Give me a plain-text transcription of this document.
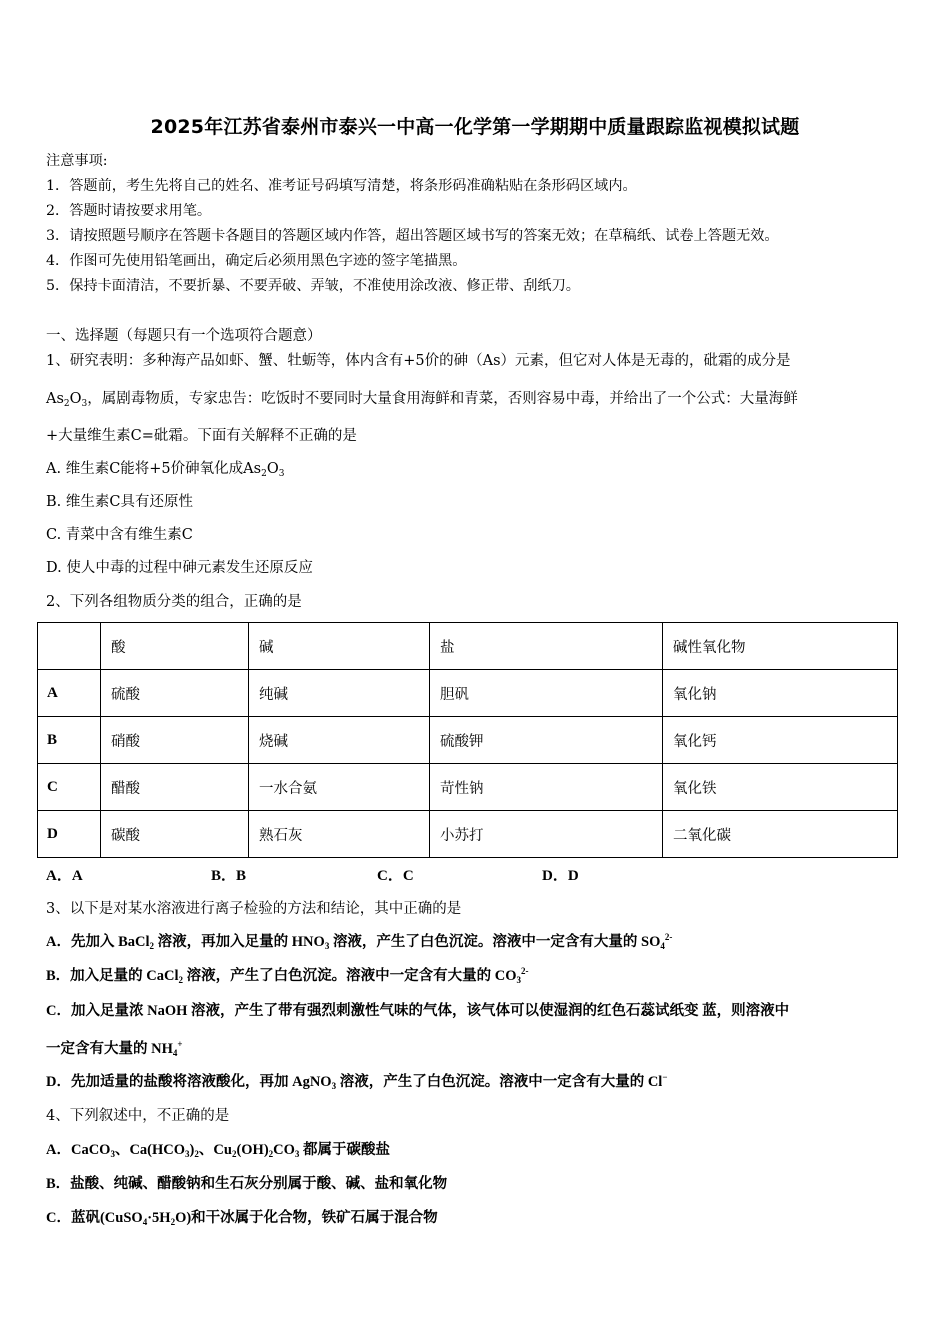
2025年江苏省泰州市泰兴一中高一化学第一学期期中质量跟踪监视模拟试题
注意事项:
1．答题前，考生先将自己的姓名、准考证号码填写清楚，将条形码准确粘贴在条形码区域内。
2．答题时请按要求用笔。
3．请按照题号顺序在答题卡各题目的答题区域内作答，超出答题区域书写的答案无效；在草稿纸、试卷上答题无效。
4．作图可先使用铅笔画出，确定后必须用黑色字迹的签字笔描黑。
5．保持卡面清洁，不要折暴、不要弄破、弄皱，不准使用涂改液、修正带、刮纸刀。
一、选择题（每题只有一个选项符合题意）
1、研究表明：多种海产品如虾、蟹、牡蛎等，体内含有+5价的砷（As）元素，但它对人体是无毒的，砒霜的成分是
$As_2O_3$，属剧毒物质，专家忠告：吃饭时不要同时大量食用海鲜和青菜，否则容易中毒，并给出了一个公式：大量海鲜
+大量维生素C=砒霜。下面有关解释不正确的是
A. 维生素C能将+5价砷氧化成$As_2O_3$
B. 维生素C具有还原性
C. 青菜中含有维生素C
D. 使人中毒的过程中砷元素发生还原反应
2、下列各组物质分类的组合，正确的是
	酸	碱	盐	碱性氧化物
A	硫酸	纯碱	胆矾	氧化钠
B	硝酸	烧碱	硫酸钾	氧化钙
C	醋酸	一水合氨	苛性钠	氧化铁
D	碳酸	熟石灰	小苏打	二氧化碳
A．A	B．B	C．C	D．D
3、以下是对某水溶液进行离子检验的方法和结论，其中正确的是
A．先加入 BaCl$_2$ 溶液，再加入足量的 $HNO_3$ 溶液，产生了白色沉淀。溶液中一定含有大量的 $SO_4^{2-}$
B．加入足量的 CaCl$_2$ 溶液，产生了白色沉淀。溶液中一定含有大量的 $CO_3^{2-}$
C．加入足量浓 NaOH 溶液，产生了带有强烈刺激性气味的气体，该气体可以使湿润的红色石蕊试纸变 蓝，则溶液中
一定含有大量的 $NH_4^+$
D．先加适量的盐酸将溶液酸化，再加 AgNO$_3$ 溶液，产生了白色沉淀。溶液中一定含有大量的 Cl−
4、下列叙述中，不正确的是
A．CaCO$_3$、$Ca(HCO_3)_2$、$Cu_2(OH)_2CO_3$ 都属于碳酸盐
B．盐酸、纯碱、醋酸钠和生石灰分别属于酸、碱、盐和氧化物
C．蓝矾$(CuSO_4\cdot 5H_2O)$和干冰属于化合物，铁矿石属于混合物
